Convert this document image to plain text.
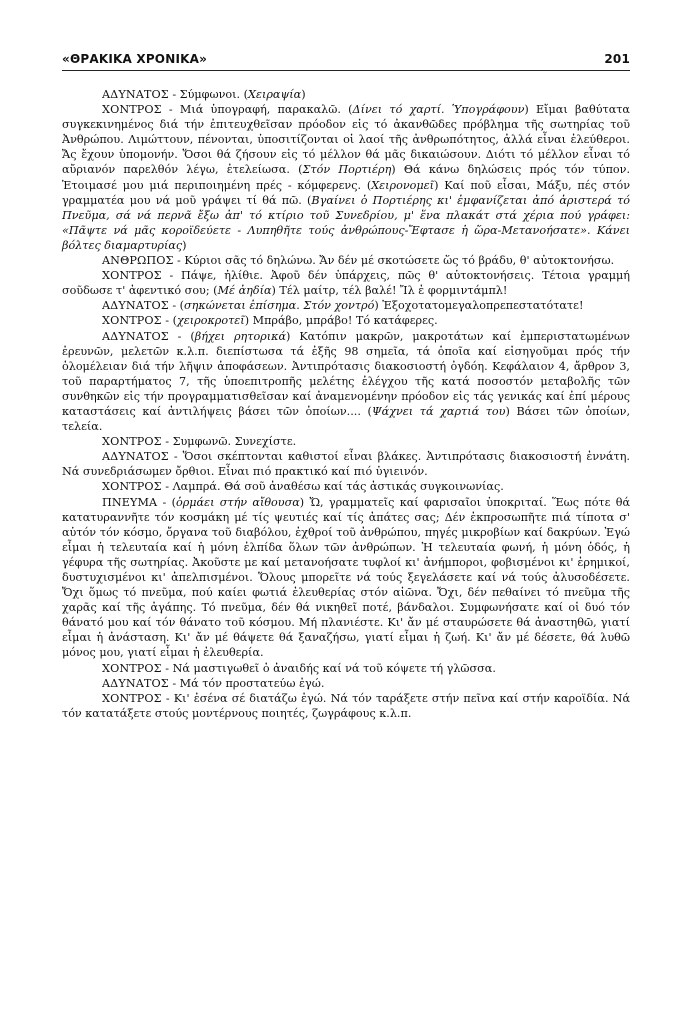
«ΘΡΑΚΙΚΑ ΧΡΟΝΙΚΑ»	201

ΑΔΥΝΑΤΟΣ - Σύμφωνοι. (Χειραψία)

ΧΟΝΤΡΟΣ - Μιά ὑπογραφή, παρακαλῶ. (Δίνει τό χαρτί. Ὑπογράφουν) Εἴμαι βαθύτατα συγκεκινημένος διά τήν ἐπιτευχθεῖσαν πρόοδον εἰς τό ἀκανθῶδες πρόβλημα τῆς σωτηρίας τοῦ Ἀνθρώπου. Λιμώττουν, πένονται, ὑποσιτίζονται οἱ λαοί τῆς ἀνθρωπότητος, ἀλλά εἶναι ἐλεύθεροι. Ἄς ἔχουν ὑπομονήν. Ὅσοι θά ζήσουν εἰς τό μέλλον θά μᾶς δικαιώσουν. Διότι τό μέλλον εἶναι τό αὔριανόν παρελθόν λέγω, ἐτελείωσα. (Στόν Πορτιέρη) Θά κάνω δηλώσεις πρός τόν τύπον. Ἑτοιμασέ μου μιά περιποιημένη πρές - κόμφερενς. (Χειρονομεῖ) Καί ποῦ εἶσαι, Μάξυ, πές στόν γραμματέα μου νά μοῦ γράψει τί θά πῶ. (Βγαίνει ὁ Πορτιέρης κι' ἐμφανίζεται ἀπό ἀριστερά τό Πνεῦμα, σά νά περνᾶ ἔξω ἀπ' τό κτίριο τοῦ Συνεδρίου, μ' ἕνα πλακάτ στά χέρια πού γράφει: «Πᾶψτε νά μᾶς κοροϊδεύετε - Λυπηθῆτε τούς ἀνθρώπους-Ἔφτασε ἡ ὥρα-Μετανοήσατε». Κάνει βόλτες διαμαρτυρίας)

ΑΝΘΡΩΠΟΣ - Κύριοι σᾶς τό δηλώνω. Ἄν δέν μέ σκοτώσετε ὥς τό βράδυ, θ' αὐτοκτονήσω.

ΧΟΝΤΡΟΣ - Πάψε, ἠλίθιε. Ἀφοῦ δέν ὑπάρχεις, πῶς θ' αὐτοκτονήσεις. Τέτοια γραμμή σοῦδωσε τ' ἀφεντικό σου; (Μέ ἀηδία) Τέλ μαίτρ, τέλ βαλέ! Ἴλ ἐ φορμιντάμπλ!

ΑΔΥΝΑΤΟΣ - (σηκώνεται ἐπίσημα. Στόν χοντρό) Ἐξοχοτατομεγαλοπρεπεστατότατε!

ΧΟΝΤΡΟΣ - (χειροκροτεῖ) Μπράβο, μπράβο! Τό κατάφερες.

ΑΔΥΝΑΤΟΣ - (βήχει ρητορικά) Κατόπιν μακρῶν, μακροτάτων καί ἐμπεριστατωμένων ἐρευνῶν, μελετῶν κ.λ.π. διεπίστωσα τά ἐξῆς 98 σημεῖα, τά ὁποῖα καί εἰσηγοῦμαι πρός τήν ὁλομέλειαν διά τήν λῆψιν ἀποφάσεων. Ἀντιπρότασις διακοσιοστή ὀγδόη. Κεφάλαιον 4, ἄρθρον 3, τοῦ παραρτήματος 7, τῆς ὑποεπιτροπῆς μελέτης ἐλέγχου τῆς κατά ποσοστόν μεταβολῆς τῶν συνθηκῶν εἰς τήν προγραμματισθεῖσαν καί ἀναμενομένην πρόοδον εἰς τάς γενικάς καί ἐπί μέρους καταστάσεις καί ἀντιλήψεις βάσει τῶν ὁποίων.... (Ψάχνει τά χαρτιά του) Βάσει τῶν ὁποίων, τελεία.

ΧΟΝΤΡΟΣ - Συμφωνῶ. Συνεχίστε.

ΑΔΥΝΑΤΟΣ - Ὅσοι σκέπτονται καθιστοί εἶναι βλάκες. Ἀντιπρότασις διακοσιοστή ἐννάτη. Νά συνεδριάσωμεν ὄρθιοι. Εἶναι πιό πρακτικό καί πιό ὑγιεινόν.

ΧΟΝΤΡΟΣ - Λαμπρά. Θά σοῦ ἀναθέσω καί τάς ἀστικάς συγκοινωνίας.

ΠΝΕΥΜΑ - (ὁρμάει στήν αἴθουσα) Ὤ, γραμματεῖς καί φαρισαῖοι ὑποκριταί. Ἕως πότε θά κατατυραννῆτε τόν κοσμάκη μέ τίς ψευτιές καί τίς ἀπάτες σας; Δέν ἐκπροσωπῆτε πιά τίποτα σ' αὐτόν τόν κόσμο, ὄργανα τοῦ διαβόλου, ἐχθροί τοῦ ἀνθρώπου, πηγές μικροβίων καί δακρύων. Ἐγώ εἶμαι ἡ τελευταία καί ἡ μόνη ἐλπίδα ὅλων τῶν ἀνθρώπων. Ἡ τελευταία φωνή, ἡ μόνη ὁδός, ἡ γέφυρα τῆς σωτηρίας. Ἀκοῦστε με καί μετανοήσατε τυφλοί κι' ἀνήμποροι, φοβισμένοι κι' ἐρημικοί, δυστυχισμένοι κι' ἀπελπισμένοι. Ὅλους μπορεῖτε νά τούς ξεγελάσετε καί νά τούς ἀλυσοδέσετε. Ὄχι ὅμως τό πνεῦμα, πού καίει φωτιά ἐλευθερίας στόν αἰῶνα. Ὄχι, δέν πεθαίνει τό πνεῦμα τῆς χαρᾶς καί τῆς ἀγάπης. Τό πνεῦμα, δέν θά νικηθεῖ ποτέ, βάνδαλοι. Συμφωνήσατε καί οἱ δυό τόν θάνατό μου καί τόν θάνατο τοῦ κόσμου. Μή πλανιέστε. Κι' ἄν μέ σταυρώσετε θά ἀναστηθῶ, γιατί εἶμαι ἡ ἀνάσταση. Κι' ἄν μέ θάψετε θά ξαναζήσω, γιατί εἶμαι ἡ ζωή. Κι' ἄν μέ δέσετε, θά λυθῶ μόνος μου, γιατί εἶμαι ἡ ἐλευθερία.

ΧΟΝΤΡΟΣ - Νά μαστιγωθεῖ ὁ ἀναιδής καί νά τοῦ κόψετε τή γλῶσσα.

ΑΔΥΝΑΤΟΣ - Μά τόν προστατεύω ἐγώ.

ΧΟΝΤΡΟΣ - Κι' ἐσένα σέ διατάζω ἐγώ. Νά τόν ταράξετε στήν πεῖνα καί στήν καροϊδία. Νά τόν κατατάξετε στούς μοντέρνους ποιητές, ζωγράφους κ.λ.π.
